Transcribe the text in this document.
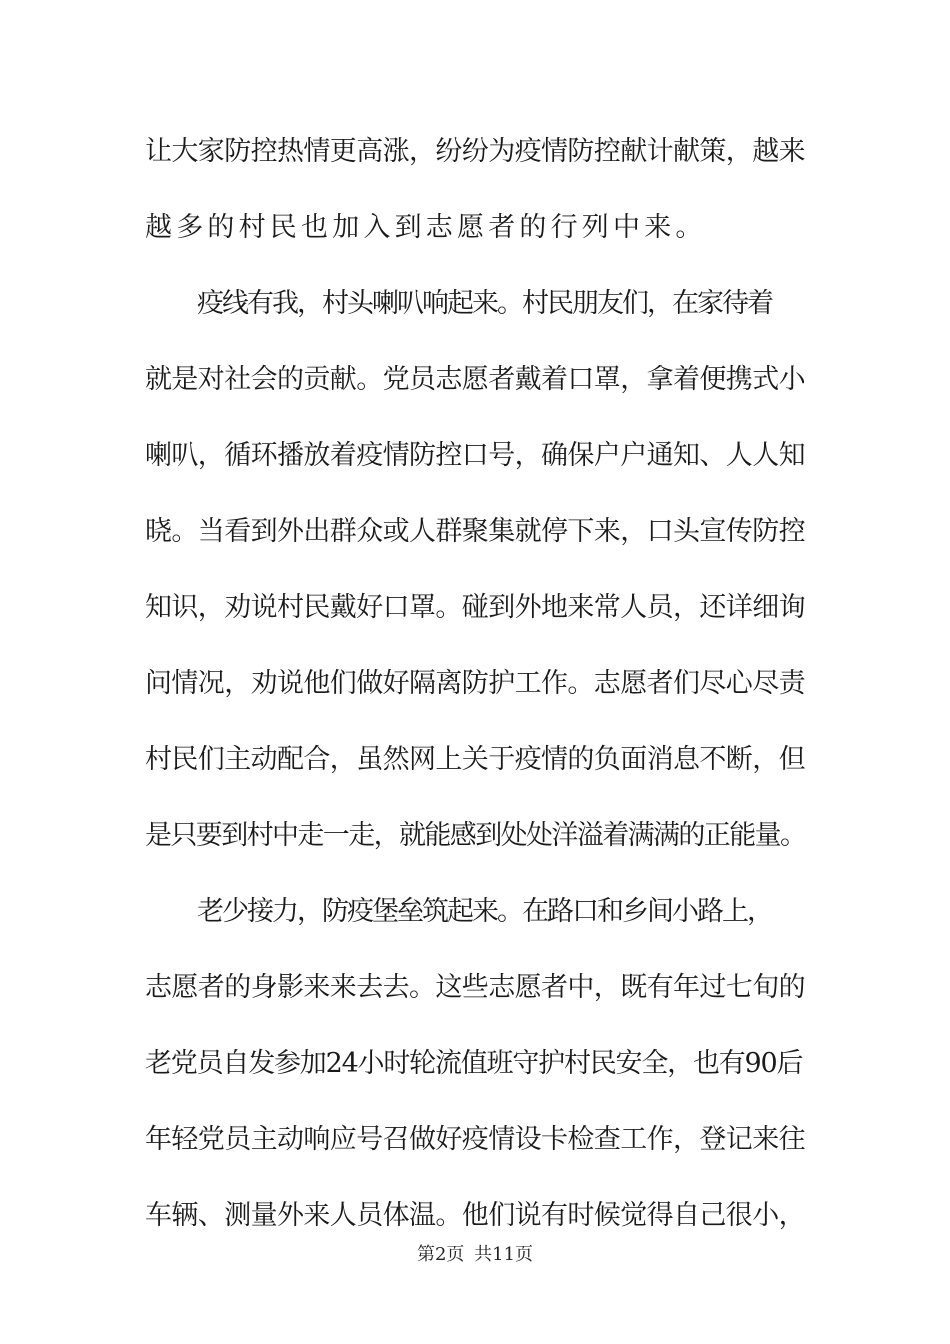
让大家防控热情更高涨，纷纷为疫情防控献计献策，越来
越多的村民也加入到志愿者的行列中来。
疫线有我，村头喇叭响起来。村民朋友们，在家待着
就是对社会的贡献。党员志愿者戴着口罩，拿着便携式小
喇叭，循环播放着疫情防控口号，确保户户通知、人人知
晓。当看到外出群众或人群聚集就停下来，口头宣传防控
知识，劝说村民戴好口罩。碰到外地来常人员，还详细询
问情况，劝说他们做好隔离防护工作。志愿者们尽心尽责
村民们主动配合，虽然网上关于疫情的负面消息不断，但
是只要到村中走一走，就能感到处处洋溢着满满的正能量。
老少接力，防疫堡垒筑起来。在路口和乡间小路上，
志愿者的身影来来去去。这些志愿者中，既有年过七旬的
老党员自发参加24小时轮流值班守护村民安全，也有90后
年轻党员主动响应号召做好疫情设卡检查工作，登记来往
车辆、测量外来人员体温。他们说有时候觉得自己很小，
第2页 共11页
